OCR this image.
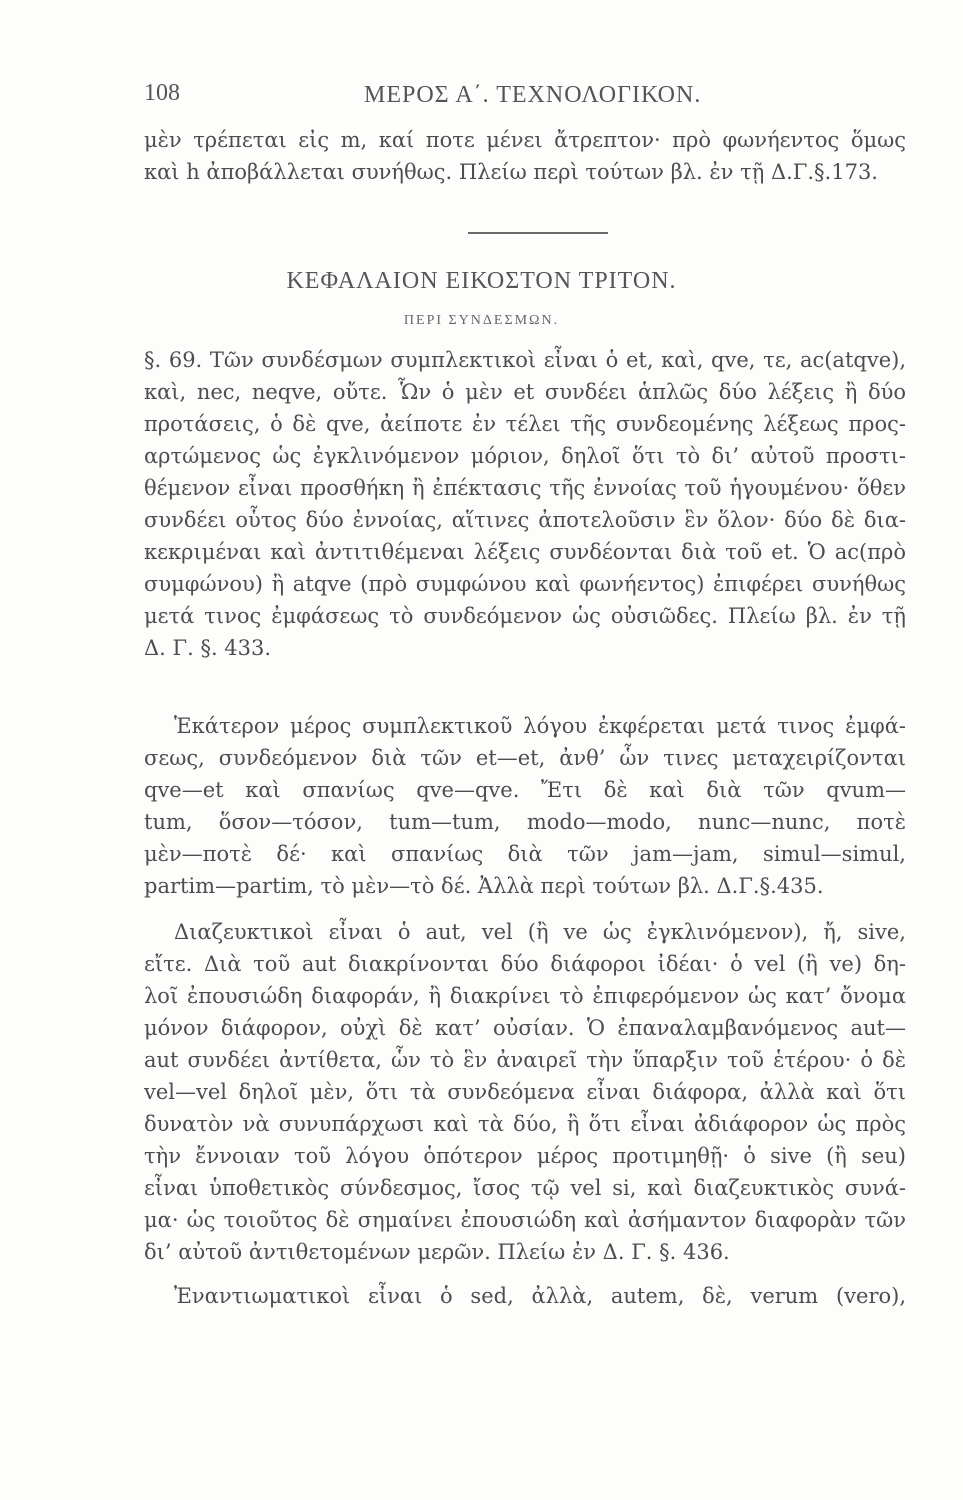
108	ΜΕΡΟΣ Α΄. ΤΕΧΝΟΛΟΓΙΚΟΝ.
μὲν τρέπεται εἰς m, καί ποτε μένει ἄτρεπτον· πρὸ φωνήεντος ὅμως
καὶ h ἀποβάλλεται συνήθως. Πλείω περὶ τούτων βλ. ἐν τῇ Δ.Γ.§.173.
ΚΕΦΑΛΑΙΟΝ ΕΙΚΟΣΤΟΝ ΤΡΙΤΟΝ.
ΠΕΡΙ ΣΥΝΔΕΣΜΩΝ.
§. 69. Τῶν συνδέσμων συμπλεκτικοὶ εἶναι ὁ et, καὶ, qve, τε, ac(atqve),
καὶ, nec, neqve, οὔτε. Ὧν ὁ μὲν et συνδέει ἁπλῶς δύο λέξεις ἢ δύο
προτάσεις, ὁ δὲ qve, ἀείποτε ἐν τέλει τῆς συνδεομένης λέξεως προς-
αρτώμενος ὡς ἐγκλινόμενον μόριον, δηλοῖ ὅτι τὸ δι’ αὐτοῦ προστι-
θέμενον εἶναι προσθήκη ἢ ἐπέκτασις τῆς ἐννοίας τοῦ ἡγουμένου· ὅθεν
συνδέει οὗτος δύο ἐννοίας, αἵτινες ἀποτελοῦσιν ἓν ὅλον· δύο δὲ δια-
κεκριμέναι καὶ ἀντιτιθέμεναι λέξεις συνδέονται διὰ τοῦ et. Ὁ ac(πρὸ
συμφώνου) ἢ atqve (πρὸ συμφώνου καὶ φωνήεντος) ἐπιφέρει συνήθως
μετά τινος ἐμφάσεως τὸ συνδεόμενον ὡς οὐσιῶδες. Πλείω βλ. ἐν τῇ
Δ. Γ. §. 433.
Ἑκάτερον μέρος συμπλεκτικοῦ λόγου ἐκφέρεται μετά τινος ἐμφά-
σεως, συνδεόμενον διὰ τῶν et—et, ἀνθ’ ὧν τινες μεταχειρίζονται
qve—et καὶ σπανίως qve—qve. Ἔτι δὲ καὶ διὰ τῶν qvum—
tum, ὅσον—τόσον, tum—tum, modo—modo, nunc—nunc, ποτὲ
μὲν—ποτὲ δέ· καὶ σπανίως διὰ τῶν jam—jam, simul—simul,
partim—partim, τὸ μὲν—τὸ δέ. Ἀλλὰ περὶ τούτων βλ. Δ.Γ.§.435.
Διαζευκτικοὶ εἶναι ὁ aut, vel (ἢ ve ὡς ἐγκλινόμενον), ἤ, sive,
εἴτε. Διὰ τοῦ aut διακρίνονται δύο διάφοροι ἰδέαι· ὁ vel (ἢ ve) δη-
λοῖ ἐπουσιώδη διαφοράν, ἢ διακρίνει τὸ ἐπιφερόμενον ὡς κατ’ ὄνομα
μόνον διάφορον, οὐχὶ δὲ κατ’ οὐσίαν. Ὁ ἐπαναλαμβανόμενος aut—
aut συνδέει ἀντίθετα, ὧν τὸ ἓν ἀναιρεῖ τὴν ὕπαρξιν τοῦ ἑτέρου· ὁ δὲ
vel—vel δηλοῖ μὲν, ὅτι τὰ συνδεόμενα εἶναι διάφορα, ἀλλὰ καὶ ὅτι
δυνατὸν νὰ συνυπάρχωσι καὶ τὰ δύο, ἢ ὅτι εἶναι ἀδιάφορον ὡς πρὸς
τὴν ἔννοιαν τοῦ λόγου ὁπότερον μέρος προτιμηθῇ· ὁ sive (ἢ seu)
εἶναι ὑποθετικὸς σύνδεσμος, ἴσος τῷ vel si, καὶ διαζευκτικὸς συνά-
μα· ὡς τοιοῦτος δὲ σημαίνει ἐπουσιώδη καὶ ἀσήμαντον διαφορὰν τῶν
δι’ αὐτοῦ ἀντιθετομένων μερῶν. Πλείω ἐν Δ. Γ. §. 436.
Ἐναντιωματικοὶ εἶναι ὁ sed, ἀλλὰ, autem, δὲ, verum (vero),
